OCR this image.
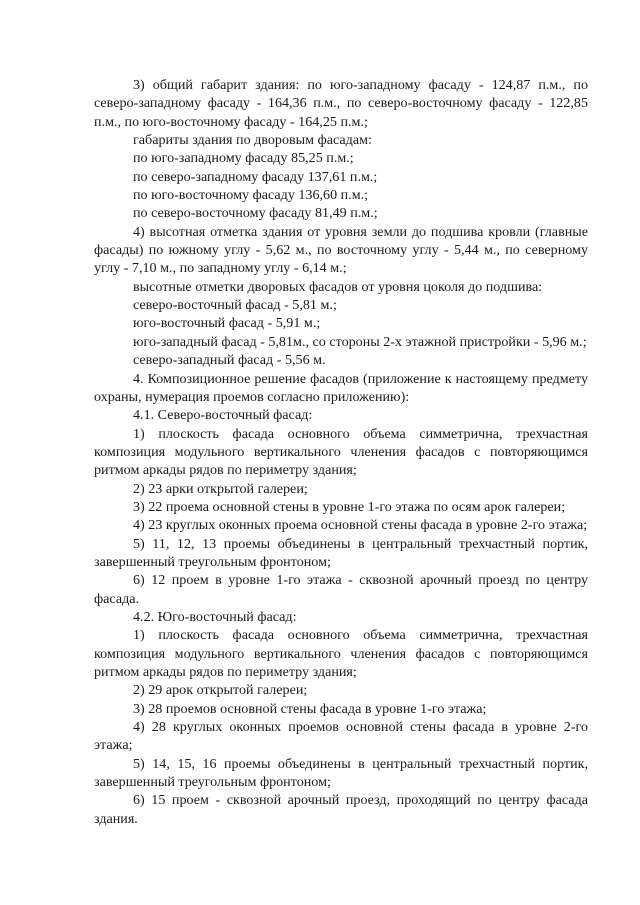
3) общий габарит здания: по юго-западному фасаду - 124,87 п.м., по северо-западному фасаду - 164,36 п.м., по северо-восточному фасаду - 122,85 п.м., по юго-восточному фасаду - 164,25 п.м.;

габариты здания по дворовым фасадам:

по юго-западному фасаду 85,25 п.м.;

по северо-западному фасаду 137,61 п.м.;

по юго-восточному фасаду 136,60 п.м.;

по северо-восточному фасаду 81,49 п.м.;

4) высотная отметка здания от уровня земли до подшива кровли (главные фасады) по южному углу - 5,62 м., по восточному углу - 5,44 м., по северному углу - 7,10 м., по западному углу - 6,14 м.;

высотные отметки дворовых фасадов от уровня цоколя до подшива:

северо-восточный фасад - 5,81 м.;

юго-восточный фасад - 5,91 м.;

юго-западный фасад - 5,81м., со стороны 2-х этажной пристройки - 5,96 м.;

северо-западный фасад - 5,56 м.

4. Композиционное решение фасадов (приложение к настоящему предмету охраны, нумерация проемов согласно приложению):

4.1. Северо-восточный фасад:

1) плоскость фасада основного объема симметрична, трехчастная композиция модульного вертикального членения фасадов с повторяющимся ритмом аркады рядов по периметру здания;

2) 23 арки открытой галереи;

3) 22 проема основной стены в уровне 1-го этажа по осям арок галереи;

4) 23 круглых оконных проема основной стены фасада в уровне 2-го этажа;

5) 11, 12, 13 проемы объединены в центральный трехчастный портик, завершенный треугольным фронтоном;

6) 12 проем в уровне 1-го этажа - сквозной арочный проезд по центру фасада.

4.2. Юго-восточный фасад:

1) плоскость фасада основного объема симметрична, трехчастная композиция модульного вертикального членения фасадов с повторяющимся ритмом аркады рядов по периметру здания;

2) 29 арок открытой галереи;

3) 28 проемов основной стены фасада в уровне 1-го этажа;

4) 28 круглых оконных проемов основной стены фасада в уровне 2-го этажа;

5) 14, 15, 16 проемы объединены в центральный трехчастный портик, завершенный треугольным фронтоном;

6) 15 проем - сквозной арочный проезд, проходящий по центру фасада здания.
